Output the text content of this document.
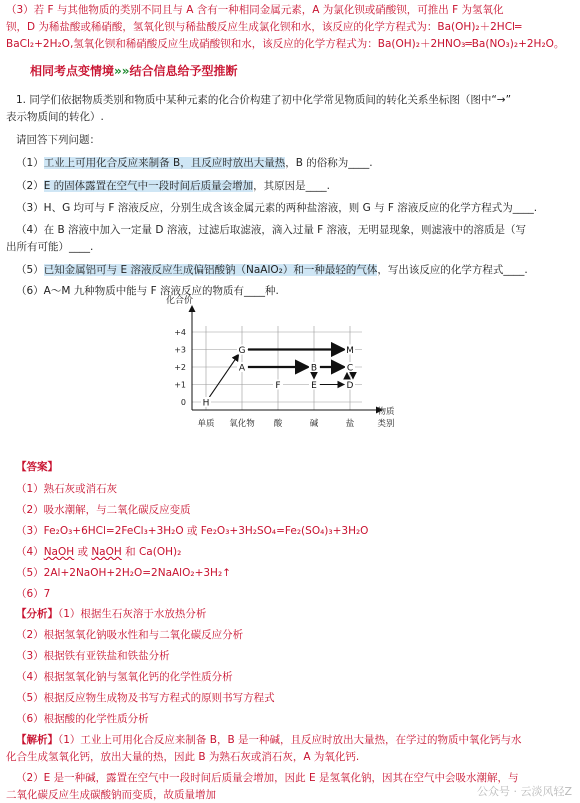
（3）若 F 与其他物质的类别不同且与 A 含有一种相同金属元素，A 为氯化钡或硝酸钡，可推出 F 为氢氧化
钡，D 为稀盐酸或稀硝酸，氢氧化钡与稀盐酸反应生成氯化钡和水，该反应的化学方程式为：Ba(OH)₂＋2HCl═
BaCl₂+2H₂O,氢氧化钡和稀硝酸反应生成硝酸钡和水，该反应的化学方程式为：Ba(OH)₂＋2HNO₃═Ba(NO₃)₂+2H₂O。
相同考点变情境»»结合信息给予型推断
1. 同学们依据物质类别和物质中某种元素的化合价构建了初中化学常见物质间的转化关系坐标图（图中“→”
表示物质间的转化）.
请回答下列问题：
（1）工业上可用化合反应来制备 B，且反应时放出大量热，B 的俗称为____.
（2）E 的固体露置在空气中一段时间后质量会增加，其原因是____.
（3）H、G 均可与 F 溶液反应，分别生成含该金属元素的两种盐溶液，则 G 与 F 溶液反应的化学方程式为____.
（4）在 B 溶液中加入一定量 D 溶液，过滤后取滤液，滴入过量 F 溶液，无明显现象，则滤液中的溶质是（写
出所有可能）____.
（5）已知金属铝可与 E 溶液反应生成偏铝酸钠（NaAlO₂）和一种最轻的气体，写出该反应的化学方程式____.
（6）A～M 九种物质中能与 F 溶液反应的物质有____种.
化合价
+4
+3
+2
+1
0
单质 氧化物 酸	碱	盐
物质
类别
H
G
A
F
B
E
M
C
D
【答案】
（1）熟石灰或消石灰
（2）吸水潮解，与二氧化碳反应变质
（3）Fe₂O₃+6HCl=2FeCl₃+3H₂O 或 Fe₂O₃+3H₂SO₄=Fe₂(SO₄)₃+3H₂O
（4）NaOH 或 NaOH 和 Ca(OH)₂
（5）2Al+2NaOH+2H₂O=2NaAlO₂+3H₂↑
（6）7
【分析】（1）根据生石灰溶于水放热分析
（2）根据氢氧化钠吸水性和与二氧化碳反应分析
（3）根据铁有亚铁盐和铁盐分析
（4）根据氢氧化钠与氢氧化钙的化学性质分析
（5）根据反应物生成物及书写方程式的原则书写方程式
（6）根据酸的化学性质分析
【解析】（1）工业上可用化合反应来制备 B，B 是一种碱，且反应时放出大量热，在学过的物质中氧化钙与水
化合生成氢氧化钙，放出大量的热，因此 B 为熟石灰或消石灰，A 为氧化钙.
（2）E 是一种碱，露置在空气中一段时间后质量会增加，因此 E 是氢氧化钠，因其在空气中会吸水潮解，与
二氧化碳反应生成碳酸钠而变质，故质量增加	公众号 · 云淡风轻Z
